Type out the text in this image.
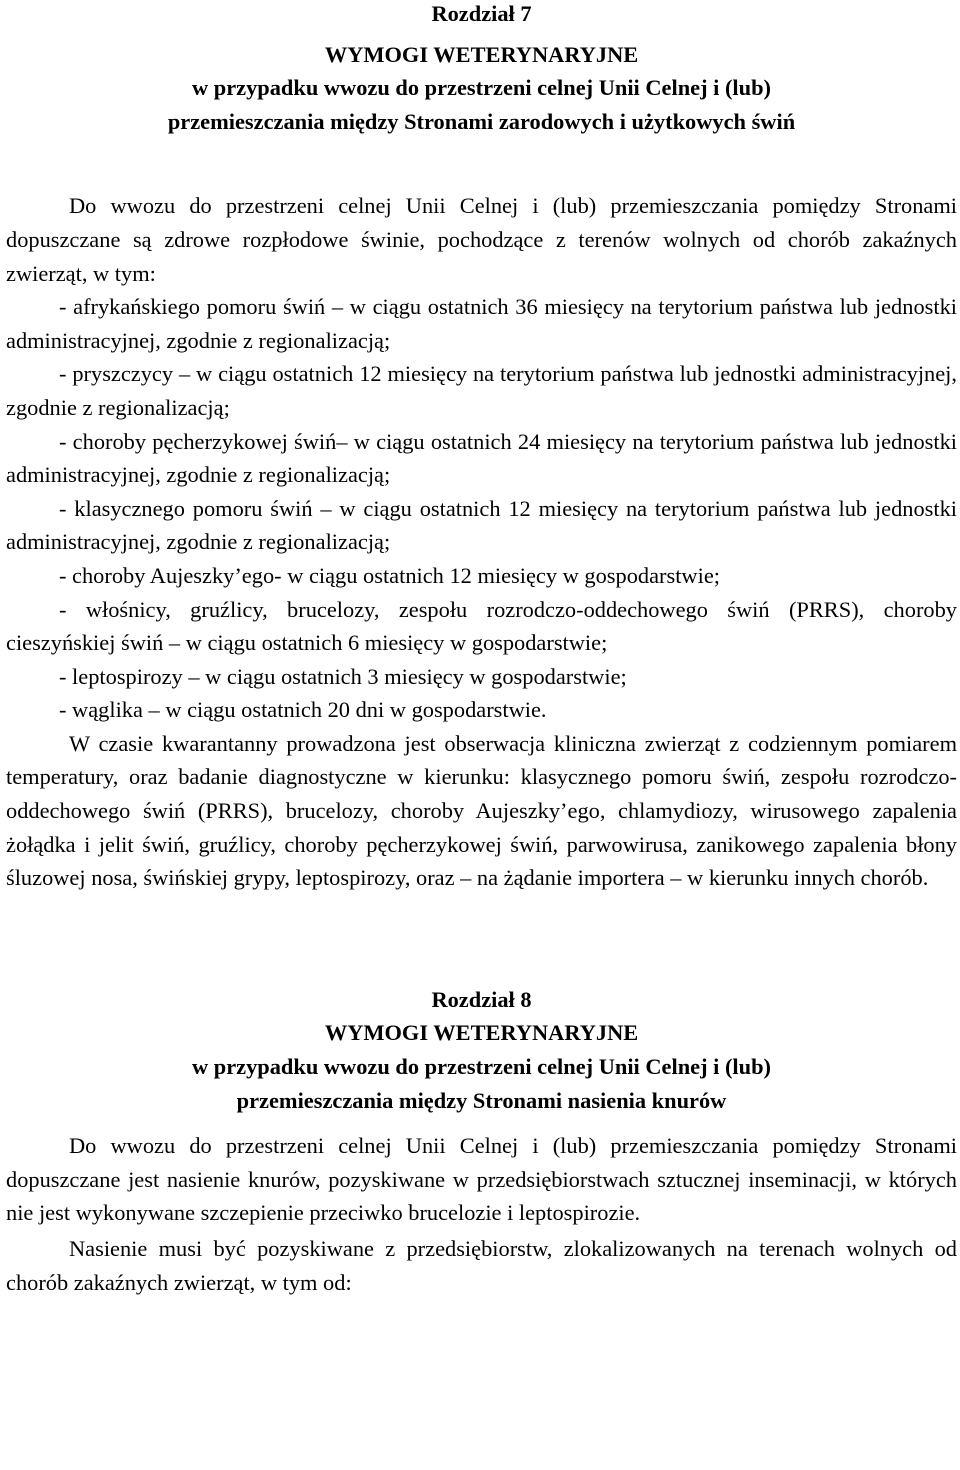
Rozdział 7
WYMOGI WETERYNARYJNE
w przypadku wwozu do przestrzeni celnej Unii Celnej i (lub)
przemieszczania między Stronami zarodowych i użytkowych świń

Do wwozu do przestrzeni celnej Unii Celnej i (lub) przemieszczania pomiędzy Stronami dopuszczane są zdrowe rozpłodowe świnie, pochodzące z terenów wolnych od chorób zakaźnych zwierząt, w tym:

- afrykańskiego pomoru świń – w ciągu ostatnich 36 miesięcy na terytorium państwa lub jednostki administracyjnej, zgodnie z regionalizacją;
- pryszczycy – w ciągu ostatnich 12 miesięcy na terytorium państwa lub jednostki administracyjnej, zgodnie z regionalizacją;
- choroby pęcherzykowej świń– w ciągu ostatnich 24 miesięcy na terytorium państwa lub jednostki administracyjnej, zgodnie z regionalizacją;
- klasycznego pomoru świń – w ciągu ostatnich 12 miesięcy na terytorium państwa lub jednostki administracyjnej, zgodnie z regionalizacją;
- choroby Aujeszky’ego- w ciągu ostatnich 12 miesięcy w gospodarstwie;
- włośnicy, gruźlicy, brucelozy, zespołu rozrodczo-oddechowego świń (PRRS), choroby cieszyńskiej świń – w ciągu ostatnich 6 miesięcy w gospodarstwie;
- leptospirozy – w ciągu ostatnich 3 miesięcy w gospodarstwie;
- wąglika – w ciągu ostatnich 20 dni w gospodarstwie.

W czasie kwarantanny prowadzona jest obserwacja kliniczna zwierząt z codziennym pomiarem temperatury, oraz badanie diagnostyczne w kierunku: klasycznego pomoru świń, zespołu rozrodczo-oddechowego świń (PRRS), brucelozy, choroby Aujeszky’ego, chlamydiozy, wirusowego zapalenia żołądka i jelit świń, gruźlicy, choroby pęcherzykowej świń, parwowirusa, zanikowego zapalenia błony śluzowej nosa, świńskiej grypy, leptospirozy, oraz – na żądanie importera – w kierunku innych chorób.

Rozdział 8
WYMOGI WETERYNARYJNE
w przypadku wwozu do przestrzeni celnej Unii Celnej i (lub)
przemieszczania między Stronami nasienia knurów

Do wwozu do przestrzeni celnej Unii Celnej i (lub) przemieszczania pomiędzy Stronami dopuszczane jest nasienie knurów, pozyskiwane w przedsiębiorstwach sztucznej inseminacji, w których nie jest wykonywane szczepienie przeciwko brucelozie i leptospirozie.

Nasienie musi być pozyskiwane z przedsiębiorstw, zlokalizowanych na terenach wolnych od chorób zakaźnych zwierząt, w tym od:
